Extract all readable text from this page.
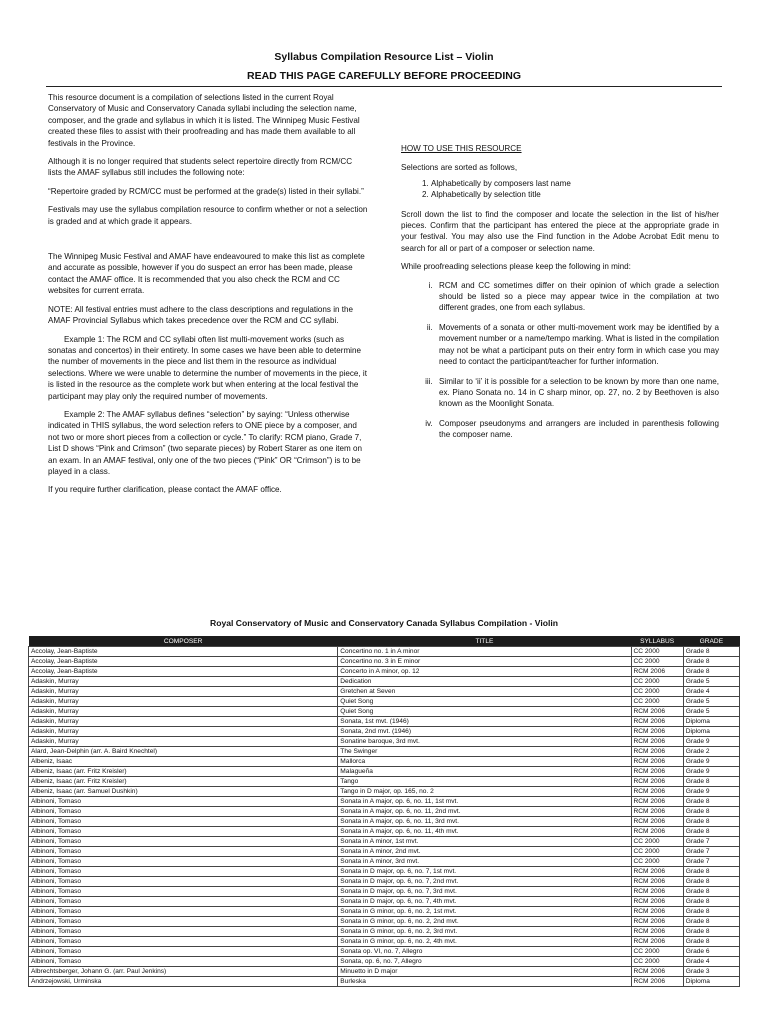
Syllabus Compilation Resource List – Violin
READ THIS PAGE CAREFULLY BEFORE PROCEEDING

This resource document is a compilation of selections listed in the current Royal Conservatory of Music and Conservatory Canada syllabi including the selection name, composer, and the grade and syllabus in which it is listed. The Winnipeg Music Festival created these files to assist with their proofreading and has made them available to all festivals in the Province.

Although it is no longer required that students select repertoire directly from RCM/CC lists the AMAF syllabus still includes the following note:

“Repertoire graded by RCM/CC must be performed at the grade(s) listed in their syllabi.”

Festivals may use the syllabus compilation resource to confirm whether or not a selection is graded and at which grade it appears.

The Winnipeg Music Festival and AMAF have endeavoured to make this list as complete and accurate as possible, however if you do suspect an error has been made, please contact the AMAF office. It is recommended that you also check the RCM and CC websites for current errata.

NOTE: All festival entries must adhere to the class descriptions and regulations in the AMAF Provincial Syllabus which takes precedence over the RCM and CC syllabi.

Example 1: The RCM and CC syllabi often list multi-movement works (such as sonatas and concertos) in their entirety. In some cases we have been able to determine the number of movements in the piece and list them in the resource as individual selections. Where we were unable to determine the number of movements in the piece, it is listed in the resource as the complete work but when entering at the local festival the participant may play only the required number of movements.

Example 2: The AMAF syllabus defines “selection” by saying: “Unless otherwise indicated in THIS syllabus, the word selection refers to ONE piece by a composer, and not two or more short pieces from a collection or cycle.” To clarify: RCM piano, Grade 7, List D shows “Pink and Crimson” (two separate pieces) by Robert Starer as one item on an exam. In an AMAF festival, only one of the two pieces (“Pink” OR “Crimson”) is to be played in a class.

If you require further clarification, please contact the AMAF office.

HOW TO USE THIS RESOURCE

Selections are sorted as follows,

1. Alphabetically by composers last name
2. Alphabetically by selection title

Scroll down the list to find the composer and locate the selection in the list of his/her pieces. Confirm that the participant has entered the piece at the appropriate grade in your festival. You may also use the Find function in the Adobe Acrobat Edit menu to search for all or part of a composer or selection name.

While proofreading selections please keep the following in mind:

i. RCM and CC sometimes differ on their opinion of which grade a selection should be listed so a piece may appear twice in the compilation at two different grades, one from each syllabus.
ii. Movements of a sonata or other multi-movement work may be identified by a movement number or a name/tempo marking. What is listed in the compilation may not be what a participant puts on their entry form in which case you may need to contact the participant/teacher for further information.
iii. Similar to ‘ii’ it is possible for a selection to be known by more than one name, ex. Piano Sonata no. 14 in C sharp minor, op. 27, no. 2 by Beethoven is also known as the Moonlight Sonata.
iv. Composer pseudonyms and arrangers are included in parenthesis following the composer name.
Royal Conservatory of Music and Conservatory Canada Syllabus Compilation - Violin
COMPOSER	TITLE	SYLLABUS	GRADE
Accolay, Jean-Baptiste	Concertino no. 1 in A minor	CC 2000	Grade 8
Accolay, Jean-Baptiste	Concertino no. 3 in E minor	CC 2000	Grade 8
Accolay, Jean-Baptiste	Concerto in A minor, op. 12	RCM 2006	Grade 8
Adaskin, Murray	Dedication	CC 2000	Grade 5
Adaskin, Murray	Gretchen at Seven	CC 2000	Grade 4
Adaskin, Murray	Quiet Song	CC 2000	Grade 5
Adaskin, Murray	Quiet Song	RCM 2006	Grade 5
Adaskin, Murray	Sonata, 1st mvt. (1946)	RCM 2006	Diploma
Adaskin, Murray	Sonata, 2nd mvt. (1946)	RCM 2006	Diploma
Adaskin, Murray	Sonatine baroque, 3rd mvt.	RCM 2006	Grade 9
Alard, Jean-Delphin (arr. A. Baird Knechtel)	The Swinger	RCM 2006	Grade 2
Albeniz, Isaac	Mallorca	RCM 2006	Grade 9
Albeniz, Isaac (arr. Fritz Kreisler)	Malagueña	RCM 2006	Grade 9
Albeniz, Isaac (arr. Fritz Kreisler)	Tango	RCM 2006	Grade 8
Albeniz, Isaac (arr. Samuel Dushkin)	Tango in D major, op. 165, no. 2	RCM 2006	Grade 9
Albinoni, Tomaso	Sonata in A major, op. 6, no. 11, 1st mvt.	RCM 2006	Grade 8
Albinoni, Tomaso	Sonata in A major, op. 6, no. 11, 2nd mvt.	RCM 2006	Grade 8
Albinoni, Tomaso	Sonata in A major, op. 6, no. 11, 3rd mvt.	RCM 2006	Grade 8
Albinoni, Tomaso	Sonata in A major, op. 6, no. 11, 4th mvt.	RCM 2006	Grade 8
Albinoni, Tomaso	Sonata in A minor, 1st mvt.	CC 2000	Grade 7
Albinoni, Tomaso	Sonata in A minor, 2nd mvt.	CC 2000	Grade 7
Albinoni, Tomaso	Sonata in A minor, 3rd mvt.	CC 2000	Grade 7
Albinoni, Tomaso	Sonata in D major, op. 6, no. 7, 1st mvt.	RCM 2006	Grade 8
Albinoni, Tomaso	Sonata in D major, op. 6, no. 7, 2nd mvt.	RCM 2006	Grade 8
Albinoni, Tomaso	Sonata in D major, op. 6, no. 7, 3rd mvt.	RCM 2006	Grade 8
Albinoni, Tomaso	Sonata in D major, op. 6, no. 7, 4th mvt.	RCM 2006	Grade 8
Albinoni, Tomaso	Sonata in G minor, op. 6, no. 2, 1st mvt.	RCM 2006	Grade 8
Albinoni, Tomaso	Sonata in G minor, op. 6, no. 2, 2nd mvt.	RCM 2006	Grade 8
Albinoni, Tomaso	Sonata in G minor, op. 6, no. 2, 3rd mvt.	RCM 2006	Grade 8
Albinoni, Tomaso	Sonata in G minor, op. 6, no. 2, 4th mvt.	RCM 2006	Grade 8
Albinoni, Tomaso	Sonata op. VI, no. 7, Allegro	CC 2000	Grade 6
Albinoni, Tomaso	Sonata, op. 6, no. 7, Allegro	CC 2000	Grade 4
Albrechtsberger, Johann G. (arr. Paul Jenkins)	Minuetto in D major	RCM 2006	Grade 3
Andrzejowski, Urminska	Burleska	RCM 2006	Diploma
